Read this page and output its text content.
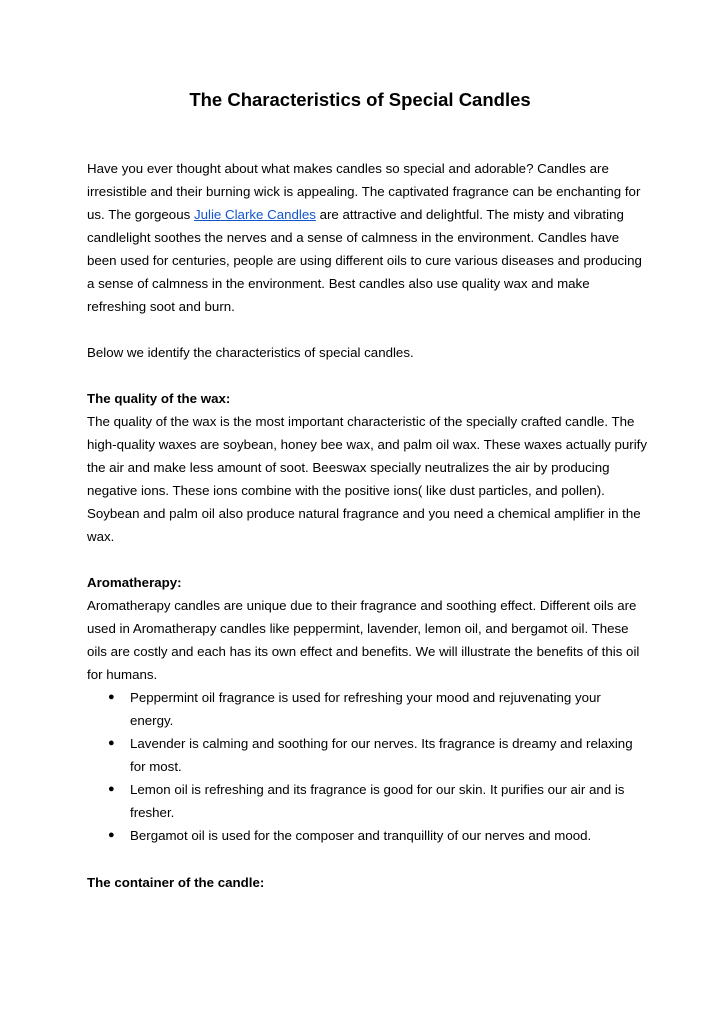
The Characteristics of Special Candles

Have you ever thought about what makes candles so special and adorable? Candles are irresistible and their burning wick is appealing. The captivated fragrance can be enchanting for us. The gorgeous Julie Clarke Candles are attractive and delightful. The misty and vibrating candlelight soothes the nerves and a sense of calmness in the environment. Candles have been used for centuries, people are using different oils to cure various diseases and producing a sense of calmness in the environment. Best candles also use quality wax and make refreshing soot and burn.

Below we identify the characteristics of special candles.

The quality of the wax:

The quality of the wax is the most important characteristic of the specially crafted candle. The high-quality waxes are soybean, honey bee wax, and palm oil wax. These waxes actually purify the air and make less amount of soot. Beeswax specially neutralizes the air by producing negative ions. These ions combine with the positive ions( like dust particles, and pollen). Soybean and palm oil also produce natural fragrance and you need a chemical amplifier in the wax.

Aromatherapy:

Aromatherapy candles are unique due to their fragrance and soothing effect. Different oils are used in Aromatherapy candles like peppermint, lavender, lemon oil, and bergamot oil. These oils are costly and each has its own effect and benefits. We will illustrate the benefits of this oil for humans.

● Peppermint oil fragrance is used for refreshing your mood and rejuvenating your energy.
● Lavender is calming and soothing for our nerves. Its fragrance is dreamy and relaxing for most.
● Lemon oil is refreshing and its fragrance is good for our skin. It purifies our air and is fresher.
● Bergamot oil is used for the composer and tranquillity of our nerves and mood.
The container of the candle:
